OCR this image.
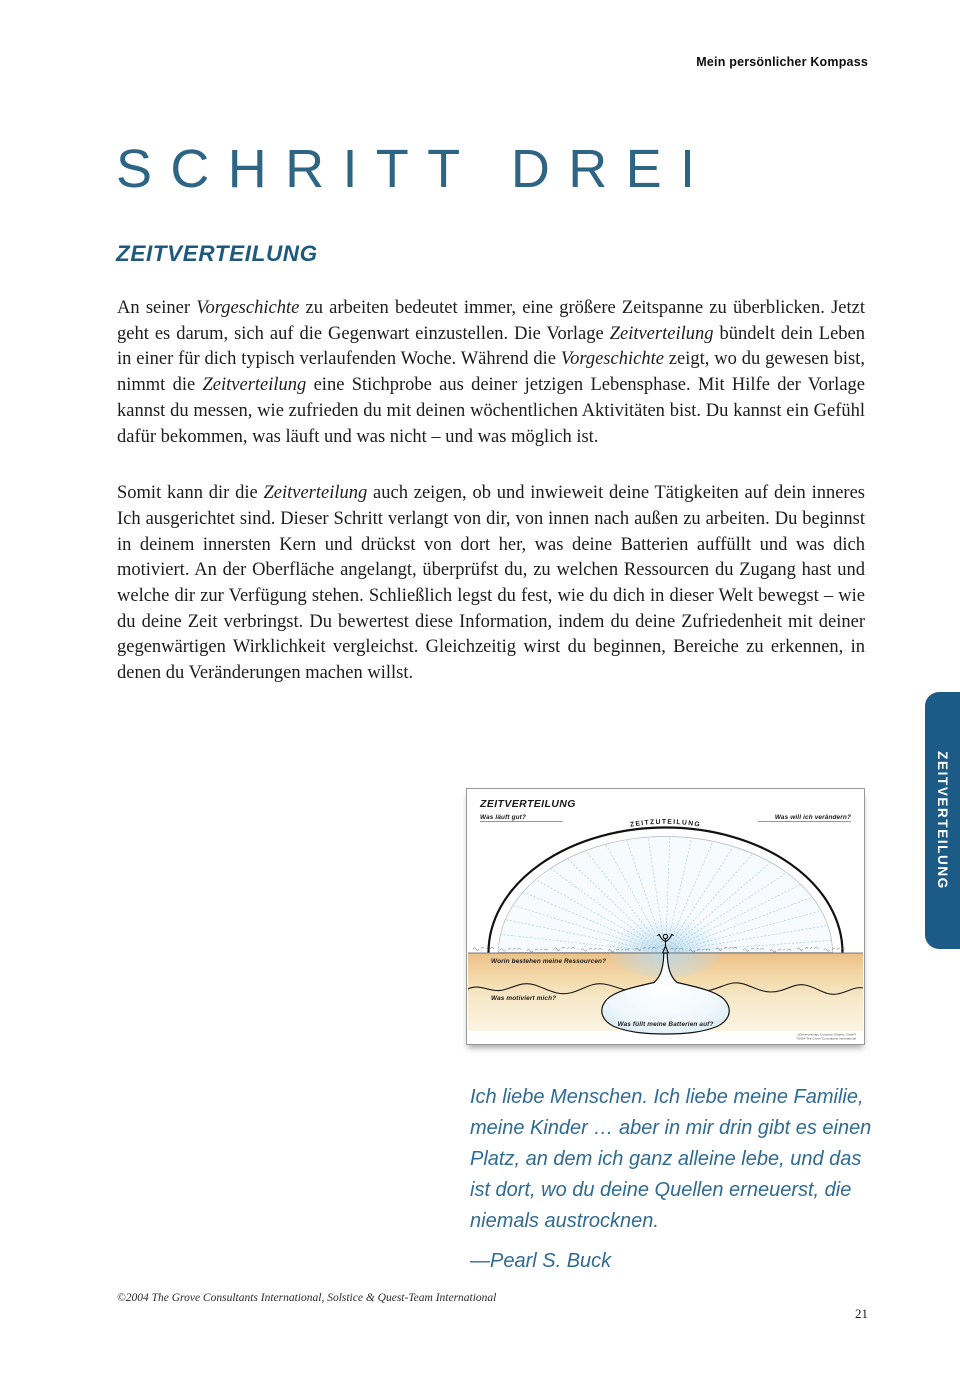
Mein persönlicher Kompass
SCHRITT DREI
ZEITVERTEILUNG

An seiner Vorgeschichte zu arbeiten bedeutet immer, eine größere Zeitspanne zu überblicken. Jetzt geht es darum, sich auf die Gegenwart einzustellen. Die Vorlage Zeitverteilung bündelt dein Leben in einer für dich typisch verlaufenden Woche. Während die Vorgeschichte zeigt, wo du gewesen bist, nimmt die Zeitverteilung eine Stichprobe aus deiner jetzigen Lebensphase. Mit Hilfe der Vorlage kannst du messen, wie zufrieden du mit deinen wöchentlichen Aktivitäten bist. Du kannst ein Gefühl dafür bekommen, was läuft und was nicht – und was möglich ist.

Somit kann dir die Zeitverteilung auch zeigen, ob und inwieweit deine Tätigkeiten auf dein inneres Ich ausgerichtet sind. Dieser Schritt verlangt von dir, von innen nach außen zu arbeiten. Du beginnst in deinem innersten Kern und drückst von dort her, was deine Batterien auffüllt und was dich motiviert. An der Oberfläche angelangt, überprüfst du, zu welchen Ressourcen du Zugang hast und welche dir zur Verfügung stehen. Schließlich legst du fest, wie du dich in dieser Welt bewegst – wie du deine Zeit verbringst. Du bewertest diese Information, indem du deine Zufriedenheit mit deiner gegenwärtigen Wirklichkeit vergleichst. Gleichzeitig wirst du beginnen, Bereiche zu erkennen, in denen du Veränderungen machen willst.

ZEITVERTEILUNG
Was läuft gut?
ZEITZUTEILUNG
Was will ich verändern?
Worin bestehen meine Ressourcen?
Was motiviert mich?
Was füllt meine Batterien auf?
«Zeitverteilung» Compass Graphic Guide®
©2004 The Grove Consultants International
Ich liebe Menschen. Ich liebe meine Familie,
meine Kinder … aber in mir drin gibt es einen
Platz, an dem ich ganz alleine lebe, und das
ist dort, wo du deine Quellen erneuerst, die
niemals austrocknen.
—Pearl S. Buck
©2004 The Grove Consultants International, Solstice & Quest-Team International
21
ZEITVERTEILUNG
